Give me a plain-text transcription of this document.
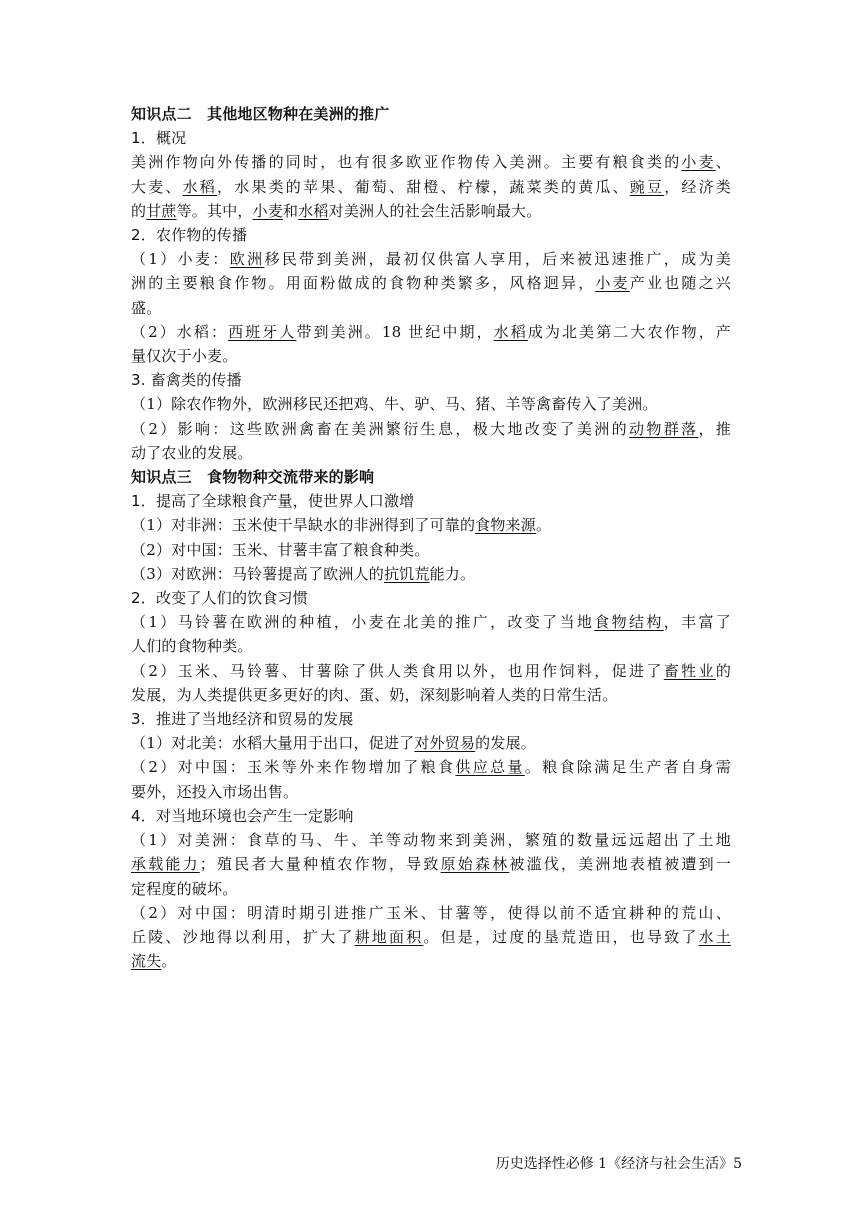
知识点二　其他地区物种在美洲的推广
1．概况
美洲作物向外传播的同时，也有很多欧亚作物传入美洲。主要有粮食类的小麦、
大麦、水稻，水果类的苹果、葡萄、甜橙、柠檬，蔬菜类的黄瓜、豌豆，经济类
的甘蔗等。其中，小麦和水稻对美洲人的社会生活影响最大。
2．农作物的传播
（1）小麦：欧洲移民带到美洲，最初仅供富人享用，后来被迅速推广，成为美
洲的主要粮食作物。用面粉做成的食物种类繁多，风格迥异，小麦产业也随之兴
盛。
（2）水稻：西班牙人带到美洲。18 世纪中期，水稻成为北美第二大农作物，产
量仅次于小麦。
3. 畜禽类的传播
（1）除农作物外，欧洲移民还把鸡、牛、驴、马、猪、羊等禽畜传入了美洲。
（2）影响：这些欧洲禽畜在美洲繁衍生息，极大地改变了美洲的动物群落，推
动了农业的发展。
知识点三　食物物种交流带来的影响
1．提高了全球粮食产量，使世界人口激增
（1）对非洲：玉米使干旱缺水的非洲得到了可靠的食物来源。
（2）对中国：玉米、甘薯丰富了粮食种类。
（3）对欧洲：马铃薯提高了欧洲人的抗饥荒能力。
2．改变了人们的饮食习惯
（1）马铃薯在欧洲的种植，小麦在北美的推广，改变了当地食物结构，丰富了
人们的食物种类。
（2）玉米、马铃薯、甘薯除了供人类食用以外，也用作饲料，促进了畜牲业的
发展，为人类提供更多更好的肉、蛋、奶，深刻影响着人类的日常生活。
3．推进了当地经济和贸易的发展
（1）对北美：水稻大量用于出口，促进了对外贸易的发展。
（2）对中国：玉米等外来作物增加了粮食供应总量。粮食除满足生产者自身需
要外，还投入市场出售。
4．对当地环境也会产生一定影响
（1）对美洲：食草的马、牛、羊等动物来到美洲，繁殖的数量远远超出了土地
承载能力；殖民者大量种植农作物，导致原始森林被滥伐，美洲地表植被遭到一
定程度的破坏。
（2）对中国：明清时期引进推广玉米、甘薯等，使得以前不适宜耕种的荒山、
丘陵、沙地得以利用，扩大了耕地面积。但是，过度的垦荒造田，也导致了水土
流失。
历史选择性必修 1《经济与社会生活》5
